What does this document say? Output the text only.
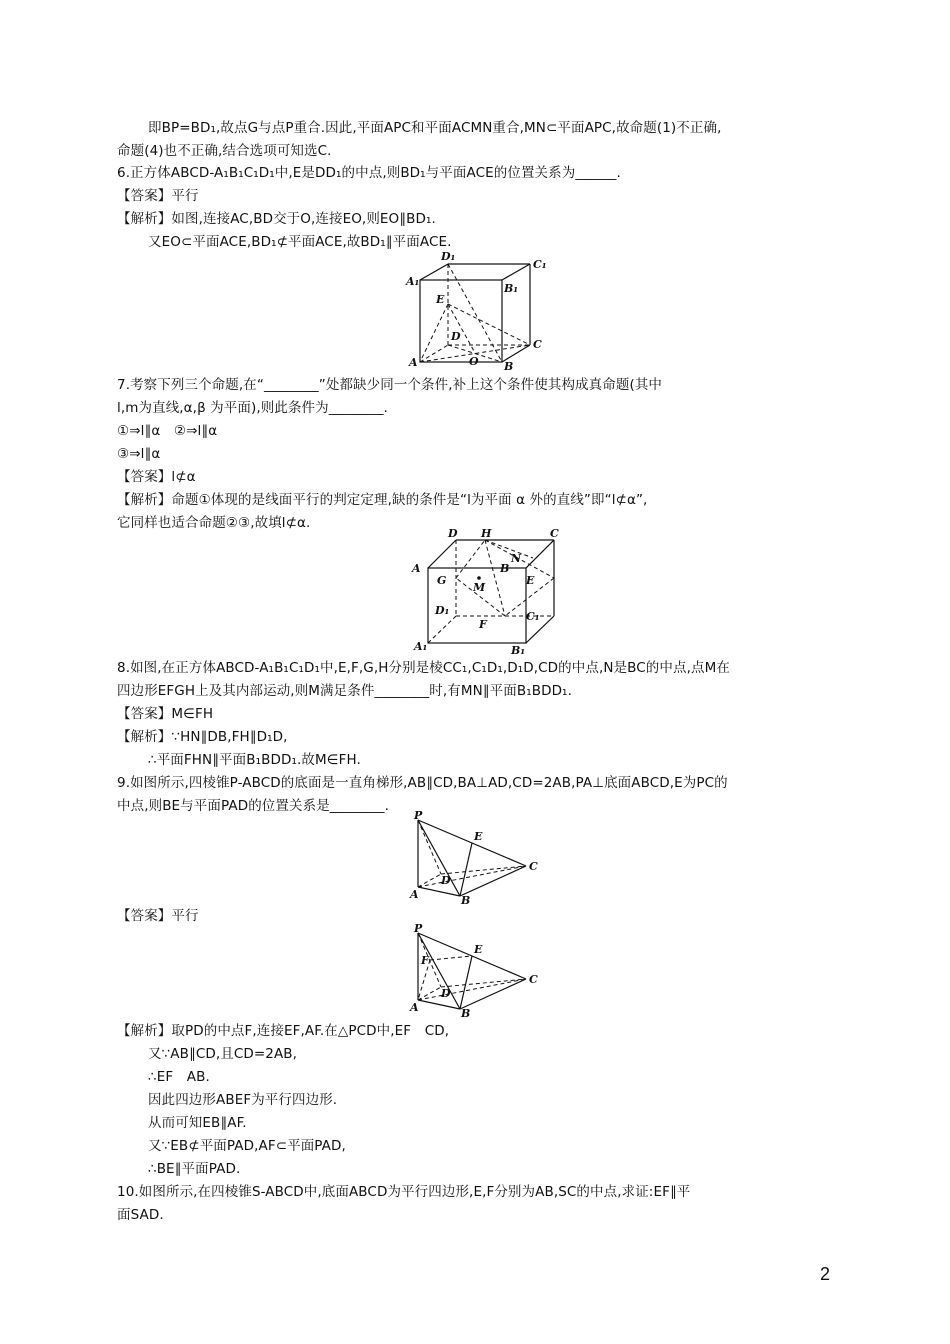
即BP=BD₁,故点G与点P重合.因此,平面APC和平面ACMN重合,MN⊂平面APC,故命题(1)不正确,
命题(4)也不正确,结合选项可知选C.
6.正方体ABCD-A₁B₁C₁D₁中,E是DD₁的中点,则BD₁与平面ACE的位置关系为______.
【答案】平行
【解析】如图,连接AC,BD交于O,连接EO,则EO∥BD₁.
又EO⊂平面ACE,BD₁⊄平面ACE,故BD₁∥平面ACE.
D₁
C₁
A₁
B₁
E
D
C
A	O B
7.考察下列三个命题,在“________”处都缺少同一个条件,补上这个条件使其构成真命题(其中
l,m为直线,α,β 为平面),则此条件为________.
①⇒l∥α　②⇒l∥α
③⇒l∥α
【答案】l⊄α
【解析】命题①体现的是线面平行的判定定理,缺的条件是“l为平面 α 外的直线”即“l⊄α”,
它同样也适合命题②③,故填l⊄α.
D H	C
N
A	B
G
M
E
D₁	C₁
F
A₁	B₁
8.如图,在正方体ABCD-A₁B₁C₁D₁中,E,F,G,H分别是棱CC₁,C₁D₁,D₁D,CD的中点,N是BC的中点,点M在
四边形EFGH上及其内部运动,则M满足条件________时,有MN∥平面B₁BDD₁.
【答案】M∈FH
【解析】∵HN∥DB,FH∥D₁D,
∴平面FHN∥平面B₁BDD₁.故M∈FH.
9.如图所示,四棱锥P-ABCD的底面是一直角梯形,AB∥CD,BA⊥AD,CD=2AB,PA⊥底面ABCD,E为PC的
中点,则BE与平面PAD的位置关系是________.
P
E
D
C
A	B
【答案】平行
P
E
F
D
C
A	B
【解析】取PD的中点F,连接EF,AF.在△PCD中,EF　CD,
又∵AB∥CD,且CD=2AB,
∴EF　AB.
因此四边形ABEF为平行四边形.
从而可知EB∥AF.
又∵EB⊄平面PAD,AF⊂平面PAD,
∴BE∥平面PAD.
10.如图所示,在四棱锥S-ABCD中,底面ABCD为平行四边形,E,F分别为AB,SC的中点,求证:EF∥平
面SAD.
2
